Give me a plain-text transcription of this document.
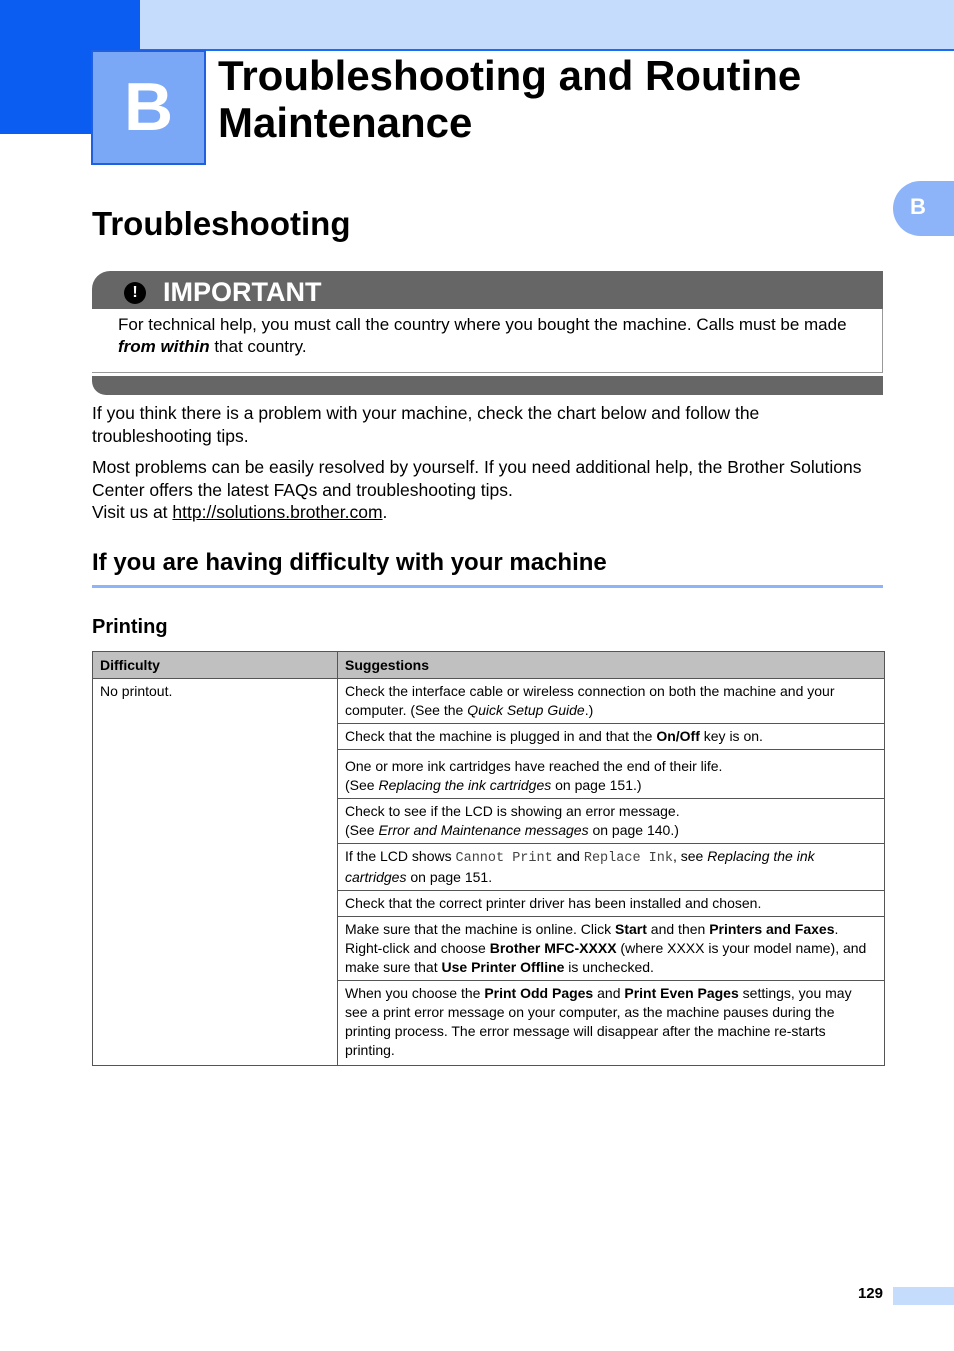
B	Troubleshooting and Routine
Maintenance
B
Troubleshooting
! IMPORTANT
For technical help, you must call the country where you bought the machine. Calls must be made from within that country.
If you think there is a problem with your machine, check the chart below and follow the troubleshooting tips.
Most problems can be easily resolved by yourself. If you need additional help, the Brother Solutions Center offers the latest FAQs and troubleshooting tips.
Visit us at http://solutions.brother.com.
If you are having difficulty with your machine
Printing
Difficulty	Suggestions
No printout.	Check the interface cable or wireless connection on both the machine and your computer. (See the Quick Setup Guide.)
	Check that the machine is plugged in and that the On/Off key is on.

	One or more ink cartridges have reached the end of their life.
(See Replacing the ink cartridges on page 151.)

	Check to see if the LCD is showing an error message.
(See Error and Maintenance messages on page 140.)

	If the LCD shows Cannot Print and Replace Ink, see Replacing the ink cartridges on page 151.
	Check that the correct printer driver has been installed and chosen.
	Make sure that the machine is online. Click Start and then Printers and Faxes. Right-click and choose Brother MFC-XXXX (where XXXX is your model name), and make sure that Use Printer Offline is unchecked.
	When you choose the Print Odd Pages and Print Even Pages settings, you may see a print error message on your computer, as the machine pauses during the printing process. The error message will disappear after the machine re-starts printing.
129
